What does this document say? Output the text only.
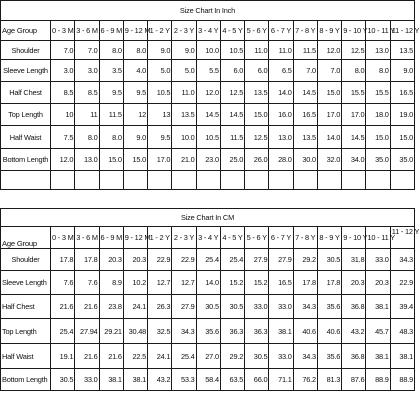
Size Chart In Inch															
Age Group	0 - 3 M	3 - 6 M	6 - 9 M	9 - 12 M	1 - 2 Y	2 - 3 Y	3 - 4 Y	4 - 5 Y	5 - 6 Y	6 - 7 Y	7 - 8 Y	8 - 9 Y	9 - 10 Y	10 - 11 Y	11 - 12 Y
Shoulder	7.0	7.0	8.0	8.0	9.0	9.0	10.0	10.5	11.0	11.0	11.5	12.0	12.5	13.0	13.5
Sleeve Length	3.0	3.0	3.5	4.0	5.0	5.0	5.5	6.0	6.0	6.5	7.0	7.0	8.0	8.0	9.0
Half Chest	8.5	8.5	9.5	9.5	10.5	11.0	12.0	12.5	13.5	14.0	14.5	15.0	15.5	15.5	16.5
Top Length	10	11	11.5	12	13	13.5	14.5	14.5	15.0	16.0	16.5	17.0	17.0	18.0	19.0
Half Waist	7.5	8.0	8.0	9.0	9.5	10.0	10.5	11.5	12.5	13.0	13.5	14.0	14.5	15.0	15.0
Bottom Length	12.0	13.0	15.0	15.0	17.0	21.0	23.0	25.0	26.0	28.0	30.0	32.0	34.0	35.0	35.0

Size Chart In CM															
Age Group	0 - 3 M	3 - 6 M	6 - 9 M	9 - 12 M	1 - 2 Y	2 - 3 Y	3 - 4 Y	4 - 5 Y	5 - 6 Y	6 - 7 Y	7 - 8 Y	8 - 9 Y	9 - 10 Y	10 - 11 Y	11 - 12 Y
Shoulder	17.8	17.8	20.3	20.3	22.9	22.9	25.4	25.4	27.9	27.9	29.2	30.5	31.8	33.0	34.3
Sleeve Length	7.6	7.6	8.9	10.2	12.7	12.7	14.0	15.2	15.2	16.5	17.8	17.8	20.3	20.3	22.9
Half Chest	21.6	21.6	23.8	24.1	26.3	27.9	30.5	30.5	33.0	33.0	34.3	35.6	36.8	38.1	39.4
Top Length	25.4	27.94	29.21	30.48	32.5	34.3	35.6	36.3	36.3	38.1	40.6	40.6	43.2	45.7	48.3
Half Waist	19.1	21.6	21.6	22.5	24.1	25.4	27.0	29.2	30.5	33.0	34.3	35.6	36.8	38.1	38.1
Bottom Length	30.5	33.0	38.1	38.1	43.2	53.3	58.4	63.5	66.0	71.1	76.2	81.3	87.6	88.9	88.9
